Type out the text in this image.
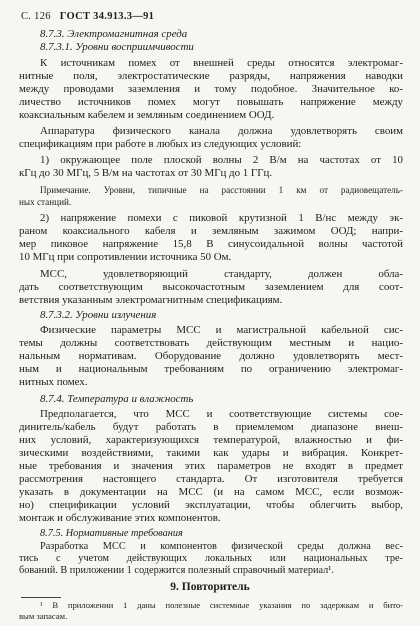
С. 126 ГОСТ 34.913.3—91
8.7.3. Электромагнитная среда
8.7.3.1. Уровни восприимчивости
К источникам помех от внешней среды относятся электромаг-
нитные поля, электростатические разряды, напряжения наводки
между проводами заземления и тому подобное. Значительное ко-
личество источников помех могут повышать напряжение между
коаксиальным кабелем и земляным соединением ООД.
Аппаратура физического канала должна удовлетворять своим
спецификациям при работе в любых из следующих условий:
1) окружающее поле плоской волны 2 В/м на частотах от 10
кГц до 30 МГц, 5 В/м на частотах от 30 МГц до 1 ГГц.
Примечание. Уровни, типичные на расстоянии 1 км от радиовещатель-
ных станций.
2) напряжение помехи с пиковой крутизной 1 В/нс между эк-
раном коаксиального кабеля и земляным зажимом ООД; напри-
мер пиковое напряжение 15,8 В синусоидальной волны частотой
10 МГц при сопротивлении источника 50 Ом.
МСС, удовлетворяющий стандарту, должен обла-
дать соответствующим высокочастотным заземлением для соот-
ветствия указанным электромагнитным спецификациям.
8.7.3.2. Уровни излучения
Физические параметры МСС и магистральной кабельной сис-
темы должны соответствовать действующим местным и нацио-
нальным нормативам. Оборудование должно удовлетворять мест-
ным и национальным требованиям по ограничению электромаг-
нитных помех.
8.7.4. Температура и влажность
Предполагается, что МСС и соответствующие системы сое-
динитель/кабель будут работать в приемлемом диапазоне внеш-
них условий, характеризующихся температурой, влажностью и фи-
зическими воздействиями, такими как удары и вибрация. Конкрет-
ные требования и значения этих параметров не входят в предмет
рассмотрения настоящего стандарта. От изготовителя требуется
указать в документации на МСС (и на самом МСС, если возмож-
но) спецификации условий эксплуатации, чтобы облегчить выбор,
монтаж и обслуживание этих компонентов.
8.7.5. Нормативные требования
Разработка МСС и компонентов физической среды должна вес-
тись с учетом действующих локальных или национальных тре-
бований. В приложении 1 содержится полезный справочный материал¹.
9. Повторитель
¹ В приложении 1 даны полезные системные указания по задержкам и бито-
вым запасам.
